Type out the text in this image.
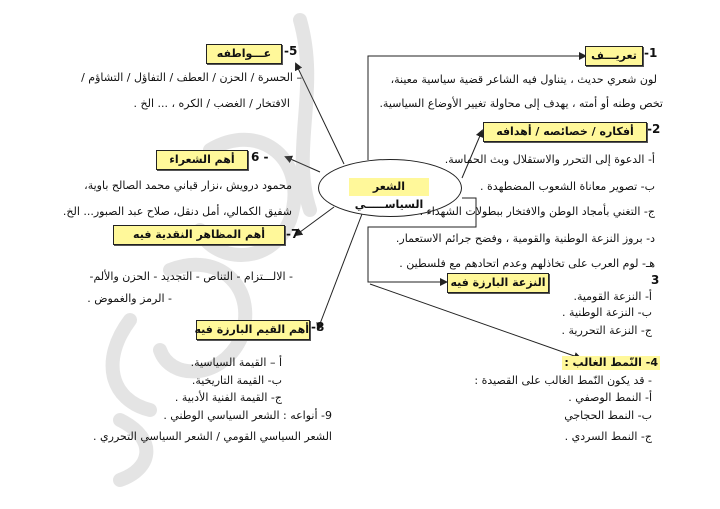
الشعر السياســـــي
-1
تعريـــف
لون شعري حديث ، يتناول فيه الشاعر قضية سياسية معينة،
تخص وطنه أو أمته ، يهدف إلى محاولة تغيير الأوضاع السياسية.
-2
أفكاره / خصائصه / أهدافه
أ- الدعوة إلى التحرر والاستقلال وبث الحماسة.
ب- تصوير معاناة الشعوب المضطهدة .
ج- التغني بأمجاد الوطن والافتخار ببطولات الشهداء .
د- بروز النزعة الوطنية والقومية ، وفضح جرائم الاستعمار.
هـ- لوم العرب على تخاذلهم وعدم اتحادهم مع فلسطين .
3
النزعة البارزة فيه
أ- النزعة القومية.
ب- النزعة الوطنية .
ج- النزعة التحررية .
4- النّمط الغالب :
- قد يكون النّمط الغالب على القصيدة :
أ- النمط الوصفي .
ب- النمط الحجاجي
ج- النمط السردي .
-5
عـــواطفه
– الحسرة / الحزن / العطف / التفاؤل / التشاؤم /
الافتخار / الغضب / الكره ، ... الخ .
6 -
أهم الشعراء
محمود درويش ،نزار قباني محمد الصالح باوية،
شفيق الكمالي، أمل دنقل، صلاح عبد الصبور... الخ.
-7
أهم المظاهر النقدية فيه
- الالـــتزام - التناص - التجديد - الحزن والألم-
- الرمز والغموض .
-8
أهم القيم البارزة فيه
أ – القيمة السياسية.
ب- القيمة التاريخية.
ج- القيمة الفنية الأدبية .
9- أنواعه : الشعر السياسي الوطني .
الشعر السياسي القومي / الشعر السياسي التحرري .
